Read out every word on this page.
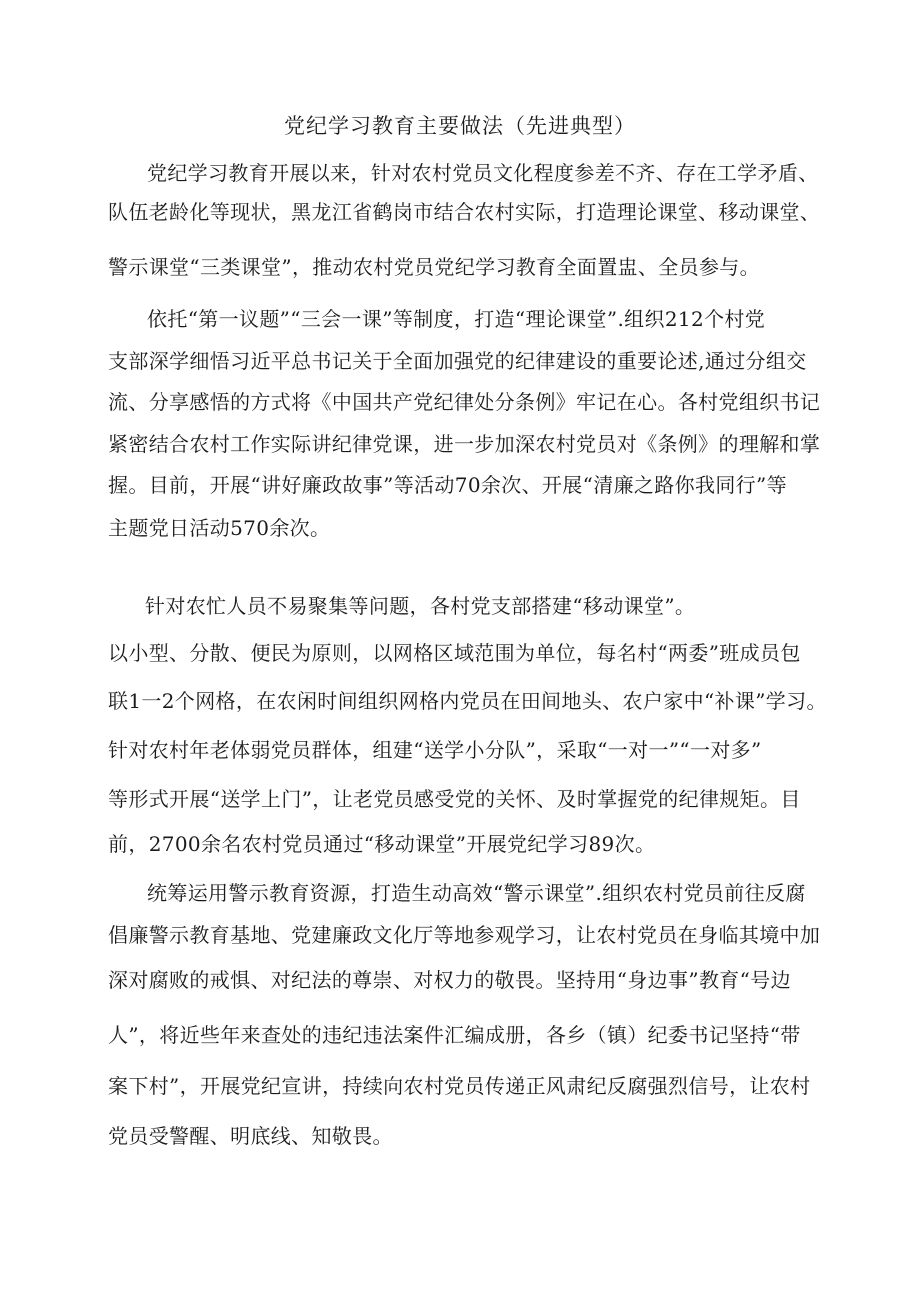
党纪学习教育主要做法（先进典型）
党纪学习教育开展以来，针对农村党员文化程度参差不齐、存在工学矛盾、
队伍老龄化等现状，黑龙江省鹤岗市结合农村实际，打造理论课堂、移动课堂、
警示课堂“三类课堂”，推动农村党员党纪学习教育全面置盅、全员参与。
依托“第一议题”“三会一课”等制度，打造“理论课堂”.组织212个村党
支部深学细悟习近平总书记关于全面加强党的纪律建设的重要论述,通过分组交
流、分享感悟的方式将《中国共产党纪律处分条例》牢记在心。各村党组织书记
紧密结合农村工作实际讲纪律党课，进一步加深农村党员对《条例》的理解和掌
握。目前，开展“讲好廉政故事”等活动70余次、开展“清廉之路你我同行”等
主题党日活动570余次。
针对农忙人员不易聚集等问题，各村党支部搭建“移动课堂”。
以小型、分散、便民为原则，以网格区域范围为单位，每名村“两委”班成员包
联1一2个网格，在农闲时间组织网格内党员在田间地头、农户家中“补课”学习。
针对农村年老体弱党员群体，组建“送学小分队”，采取“一对一”“一对多”
等形式开展“送学上门”，让老党员感受党的关怀、及时掌握党的纪律规矩。目
前，2700余名农村党员通过“移动课堂”开展党纪学习89次。
统筹运用警示教育资源，打造生动高效“警示课堂”.组织农村党员前往反腐
倡廉警示教育基地、党建廉政文化厅等地参观学习，让农村党员在身临其境中加
深对腐败的戒惧、对纪法的尊崇、对权力的敬畏。坚持用“身边事”教育“号边
人”，将近些年来查处的违纪违法案件汇编成册，各乡（镇）纪委书记坚持“带
案下村”，开展党纪宣讲，持续向农村党员传递正风肃纪反腐强烈信号，让农村
党员受警醒、明底线、知敬畏。
